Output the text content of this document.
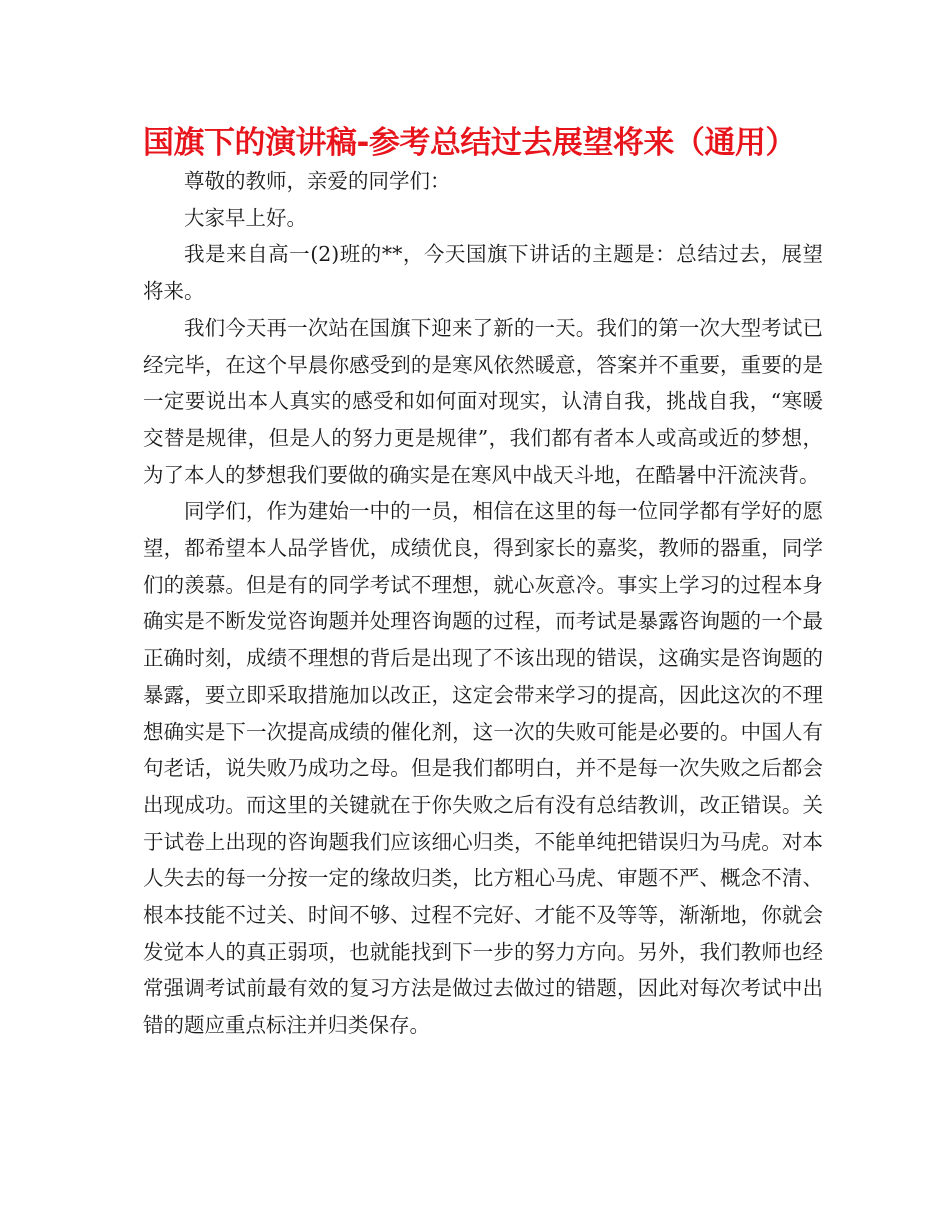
国旗下的演讲稿-参考总结过去展望将来（通用）

尊敬的教师，亲爱的同学们：

大家早上好。

我是来自高一(2)班的**，今天国旗下讲话的主题是：总结过去，展望将来。

我们今天再一次站在国旗下迎来了新的一天。我们的第一次大型考试已经完毕，在这个早晨你感受到的是寒风依然暖意，答案并不重要，重要的是一定要说出本人真实的感受和如何面对现实，认清自我，挑战自我，“寒暖交替是规律，但是人的努力更是规律”，我们都有者本人或高或近的梦想，为了本人的梦想我们要做的确实是在寒风中战天斗地，在酷暑中汗流浃背。

同学们，作为建始一中的一员，相信在这里的每一位同学都有学好的愿望，都希望本人品学皆优，成绩优良，得到家长的嘉奖，教师的器重，同学们的羡慕。但是有的同学考试不理想，就心灰意冷。事实上学习的过程本身确实是不断发觉咨询题并处理咨询题的过程，而考试是暴露咨询题的一个最正确时刻，成绩不理想的背后是出现了不该出现的错误，这确实是咨询题的暴露，要立即采取措施加以改正，这定会带来学习的提高，因此这次的不理想确实是下一次提高成绩的催化剂，这一次的失败可能是必要的。中国人有句老话，说失败乃成功之母。但是我们都明白，并不是每一次失败之后都会出现成功。而这里的关键就在于你失败之后有没有总结教训，改正错误。关于试卷上出现的咨询题我们应该细心归类，不能单纯把错误归为马虎。对本人失去的每一分按一定的缘故归类，比方粗心马虎、审题不严、概念不清、根本技能不过关、时间不够、过程不完好、才能不及等等，渐渐地，你就会发觉本人的真正弱项，也就能找到下一步的努力方向。另外，我们教师也经常强调考试前最有效的复习方法是做过去做过的错题，因此对每次考试中出错的题应重点标注并归类保存。
